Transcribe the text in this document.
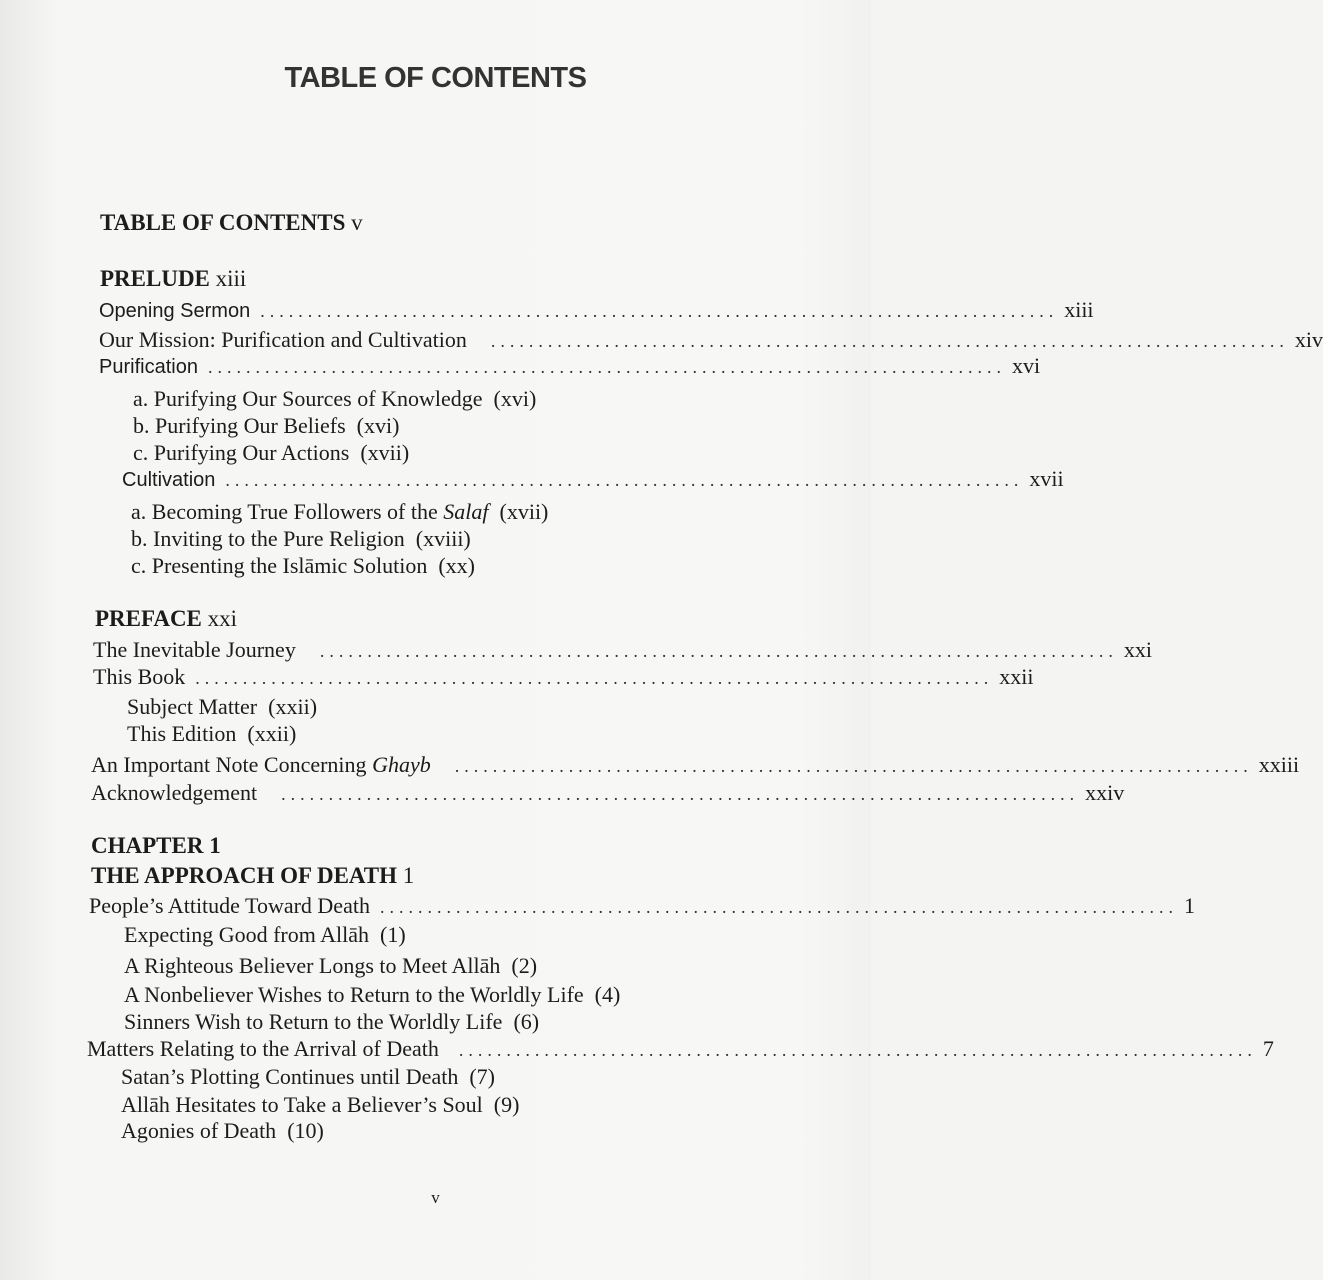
TABLE OF CONTENTS
TABLE OF CONTENTS v
PRELUDE xiii
Opening Sermon .................................................................................... xiii
Our Mission: Purification and Cultivation .................................................................................... xiv
Purification .................................................................................... xvi
a. Purifying Our Sources of Knowledge (xvi)
b. Purifying Our Beliefs (xvi)
c. Purifying Our Actions (xvii)
Cultivation .................................................................................... xvii
a. Becoming True Followers of the Salaf (xvii)
b. Inviting to the Pure Religion (xviii)
c. Presenting the Islāmic Solution (xx)
PREFACE xxi
The Inevitable Journey .................................................................................... xxi
This Book .................................................................................... xxii
Subject Matter (xxii)
This Edition (xxii)
An Important Note Concerning Ghayb .................................................................................... xxiii
Acknowledgement .................................................................................... xxiv
CHAPTER 1
THE APPROACH OF DEATH 1
People’s Attitude Toward Death .................................................................................... 1
Expecting Good from Allāh (1)
A Righteous Believer Longs to Meet Allāh (2)
A Nonbeliever Wishes to Return to the Worldly Life (4)
Sinners Wish to Return to the Worldly Life (6)
Matters Relating to the Arrival of Death .................................................................................... 7
Satan’s Plotting Continues until Death (7)
Allāh Hesitates to Take a Believer’s Soul (9)
Agonies of Death (10)
v
